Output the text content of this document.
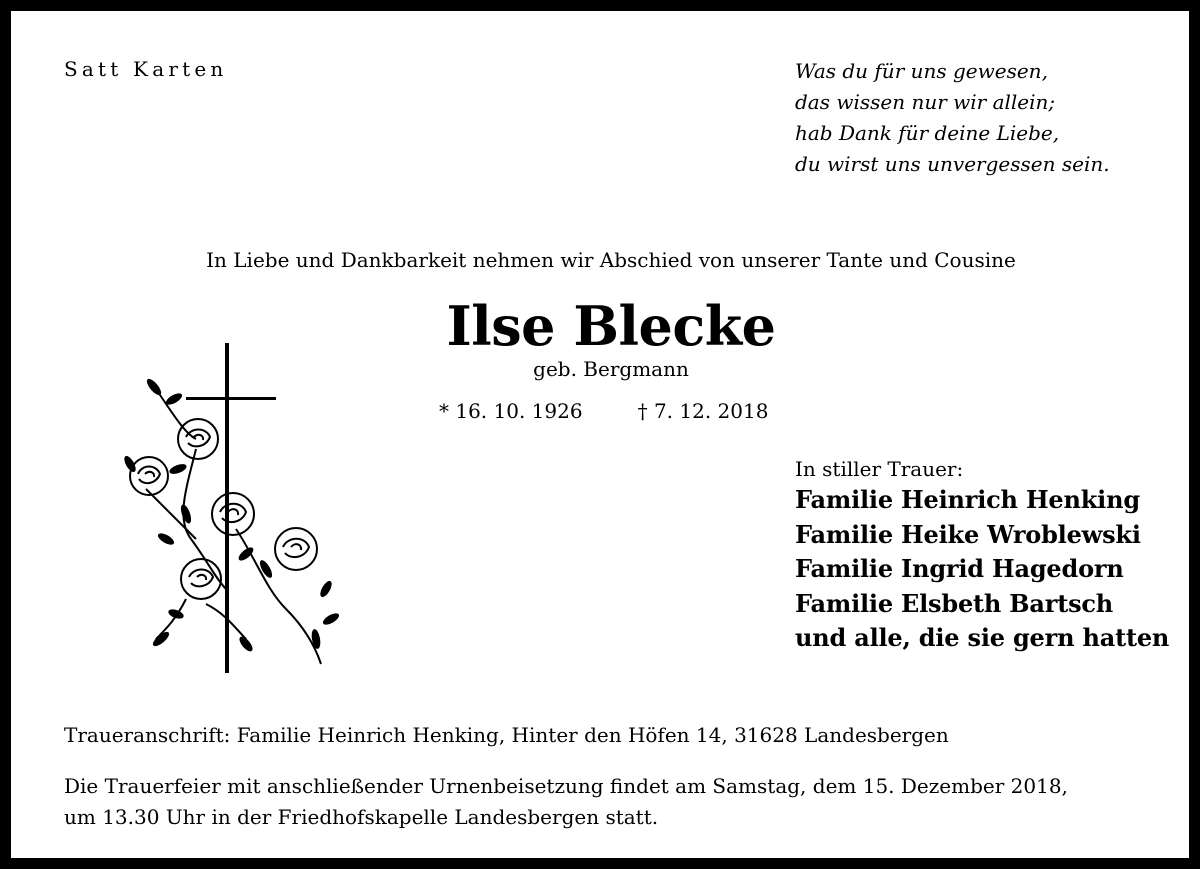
Satt Karten	Was du für uns gewesen,
das wissen nur wir allein;
hab Dank für deine Liebe,
du wirst uns unvergessen sein.
In Liebe und Dankbarkeit nehmen wir Abschied von unserer Tante und Cousine
Ilse Blecke
geb. Bergmann
* 16. 10. 1926	† 7. 12. 2018
In stiller Trauer:
Familie Heinrich Henking
Familie Heike Wroblewski
Familie Ingrid Hagedorn
Familie Elsbeth Bartsch
und alle, die sie gern hatten
Traueranschrift: Familie Heinrich Henking, Hinter den Höfen 14, 31628 Landesbergen
Die Trauerfeier mit anschließender Urnenbeisetzung findet am Samstag, dem 15. Dezember 2018,
um 13.30 Uhr in der Friedhofskapelle Landesbergen statt.
